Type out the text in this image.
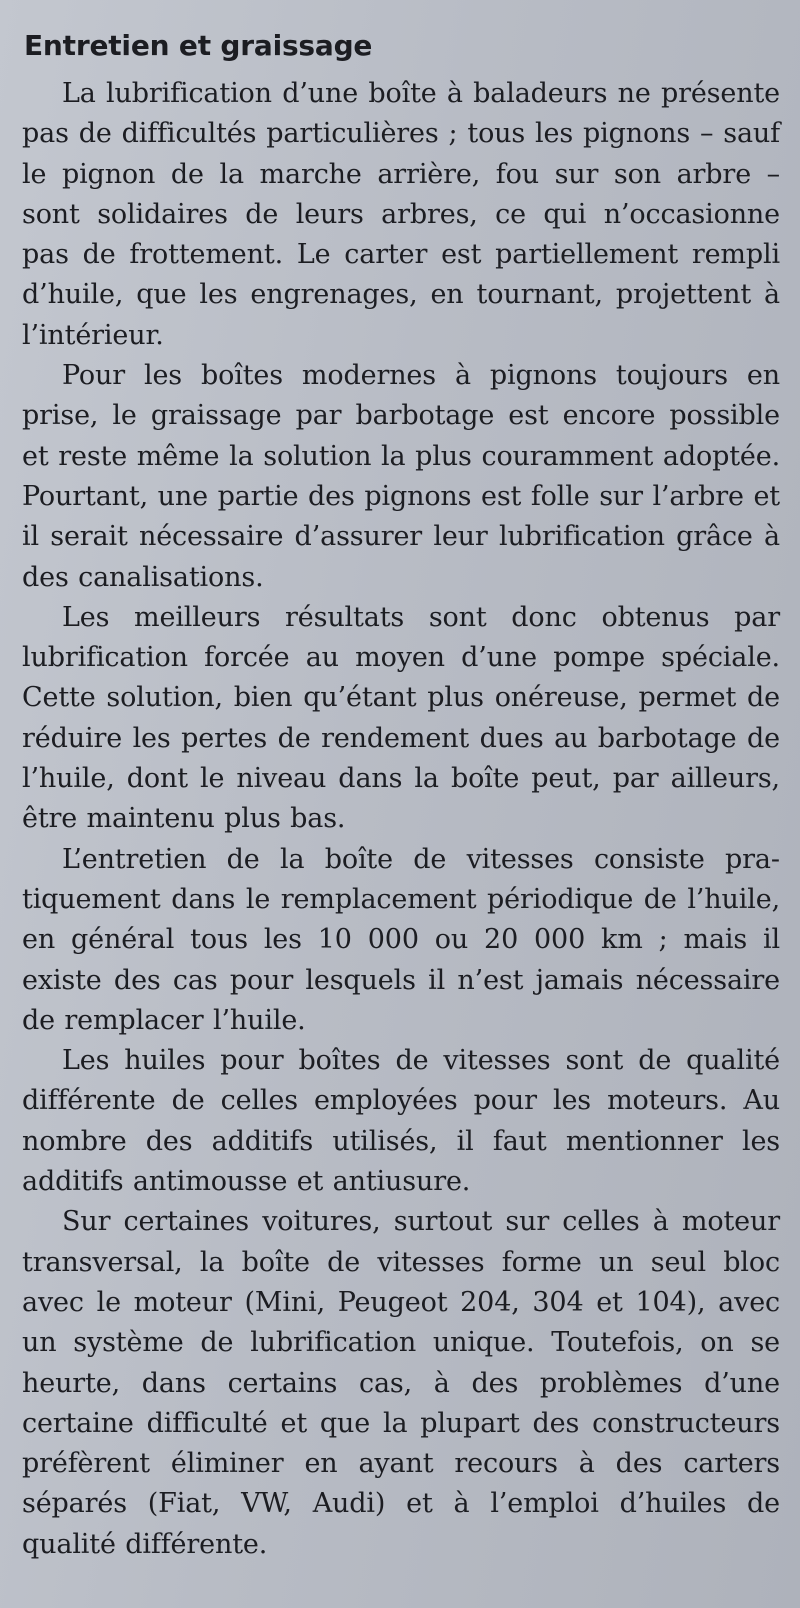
Entretien et graissage

La lubrification d’une boîte à baladeurs ne présente pas de difficultés particulières ; tous les pignons – sauf le pignon de la marche arrière, fou sur son arbre – sont solidaires de leurs arbres, ce qui n’occasionne pas de frottement. Le carter est partiellement rempli d’huile, que les engrenages, en tournant, projettent à l’intérieur.

Pour les boîtes modernes à pignons toujours en prise, le graissage par barbotage est encore possible et reste même la solution la plus couramment adoptée. Pourtant, une partie des pignons est folle sur l’arbre et il serait nécessaire d’assurer leur lubrification grâce à des canalisations.

Les meilleurs résultats sont donc obtenus par lubrification forcée au moyen d’une pompe spéciale. Cette solution, bien qu’étant plus onéreuse, permet de réduire les pertes de rendement dues au barbotage de l’huile, dont le niveau dans la boîte peut, par ailleurs, être maintenu plus bas.

L’entretien de la boîte de vitesses consiste pratiquement dans le remplacement périodique de l’huile, en général tous les 10 000 ou 20 000 km ; mais il existe des cas pour lesquels il n’est jamais nécessaire de remplacer l’huile.

Les huiles pour boîtes de vitesses sont de qualité différente de celles employées pour les moteurs. Au nombre des additifs utilisés, il faut mentionner les additifs antimousse et antiusure.

Sur certaines voitures, surtout sur celles à moteur transversal, la boîte de vitesses forme un seul bloc avec le moteur (Mini, Peugeot 204, 304 et 104), avec un système de lubrification unique. Toutefois, on se heurte, dans certains cas, à des problèmes d’une certaine difficulté et que la plupart des constructeurs préfèrent éliminer en ayant recours à des carters séparés (Fiat, VW, Audi) et à l’emploi d’huiles de qualité différente.
